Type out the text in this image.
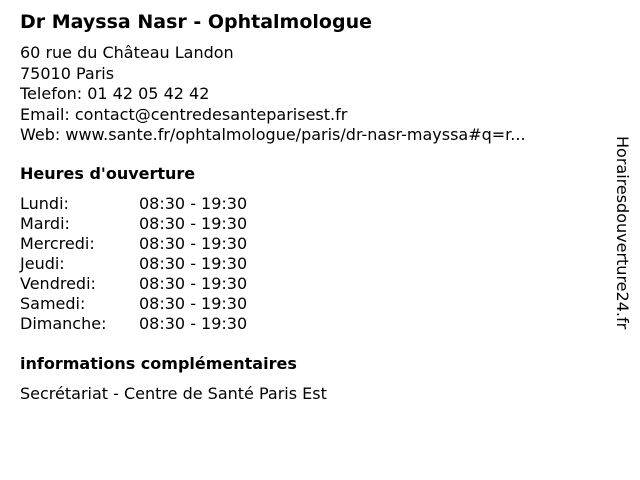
Dr Mayssa Nasr - Ophtalmologue
60 rue du Château Landon
75010 Paris
Telefon: 01 42 05 42 42
Email: contact@centredesanteparisest.fr
Web: www.sante.fr/ophtalmologue/paris/dr-nasr-mayssa#q=r...
Heures d'ouverture
Lundi:	08:30 - 19:30
Mardi:	08:30 - 19:30
Mercredi:	08:30 - 19:30
Jeudi:	08:30 - 19:30
Vendredi:	08:30 - 19:30
Samedi:	08:30 - 19:30
Dimanche: 08:30 - 19:30
informations complémentaires
Secrétariat - Centre de Santé Paris Est
Horairesdouverture24.fr
